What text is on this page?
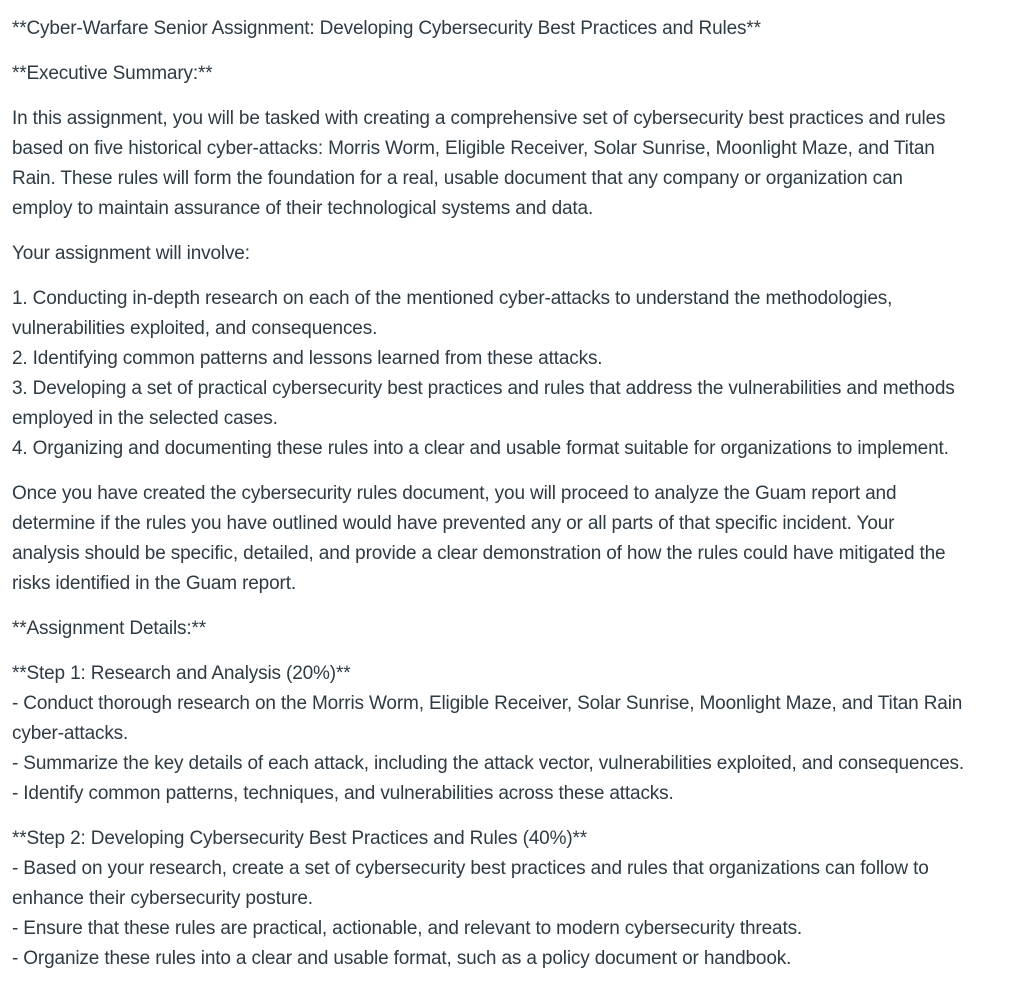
**Cyber-Warfare Senior Assignment: Developing Cybersecurity Best Practices and Rules**

**Executive Summary:**

In this assignment, you will be tasked with creating a comprehensive set of cybersecurity best practices and rules
based on five historical cyber-attacks: Morris Worm, Eligible Receiver, Solar Sunrise, Moonlight Maze, and Titan
Rain. These rules will form the foundation for a real, usable document that any company or organization can
employ to maintain assurance of their technological systems and data.

Your assignment will involve:

1. Conducting in-depth research on each of the mentioned cyber-attacks to understand the methodologies,
vulnerabilities exploited, and consequences.
2. Identifying common patterns and lessons learned from these attacks.
3. Developing a set of practical cybersecurity best practices and rules that address the vulnerabilities and methods
employed in the selected cases.
4. Organizing and documenting these rules into a clear and usable format suitable for organizations to implement.

Once you have created the cybersecurity rules document, you will proceed to analyze the Guam report and
determine if the rules you have outlined would have prevented any or all parts of that specific incident. Your
analysis should be specific, detailed, and provide a clear demonstration of how the rules could have mitigated the
risks identified in the Guam report.

**Assignment Details:**

**Step 1: Research and Analysis (20%)**
- Conduct thorough research on the Morris Worm, Eligible Receiver, Solar Sunrise, Moonlight Maze, and Titan Rain
cyber-attacks.
- Summarize the key details of each attack, including the attack vector, vulnerabilities exploited, and consequences.
- Identify common patterns, techniques, and vulnerabilities across these attacks.

**Step 2: Developing Cybersecurity Best Practices and Rules (40%)**
- Based on your research, create a set of cybersecurity best practices and rules that organizations can follow to
enhance their cybersecurity posture.
- Ensure that these rules are practical, actionable, and relevant to modern cybersecurity threats.
- Organize these rules into a clear and usable format, such as a policy document or handbook.
